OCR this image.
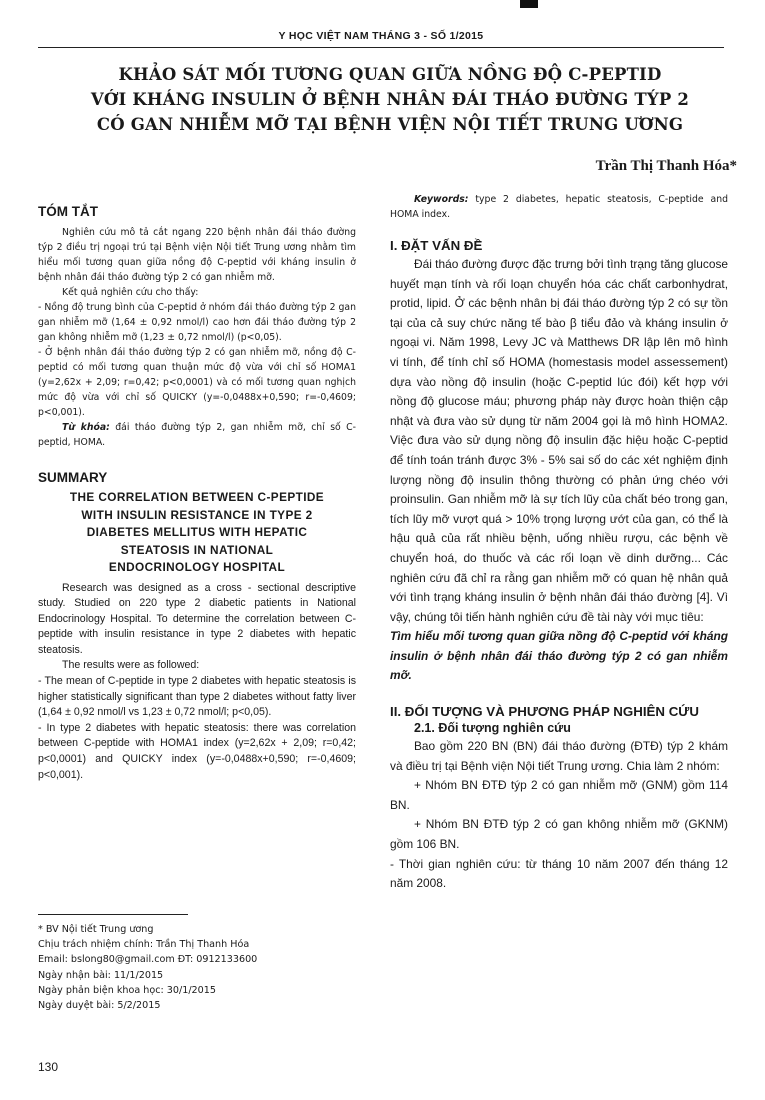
Y HỌC VIỆT NAM THÁNG 3 - SỐ 1/2015
KHẢO SÁT MỐI TƯƠNG QUAN GIỮA NỒNG ĐỘ C-PEPTID
VỚI KHÁNG INSULIN Ở BỆNH NHÂN ĐÁI THÁO ĐƯỜNG TÝP 2
CÓ GAN NHIỄM MỠ TẠI BỆNH VIỆN NỘI TIẾT TRUNG ƯƠNG
Trần Thị Thanh Hóa*
TÓM TẮT

Nghiên cứu mô tả cắt ngang 220 bệnh nhân đái tháo đường týp 2 điều trị ngoại trú tại Bệnh viện Nội tiết Trung ương nhằm tìm hiểu mối tương quan giữa nồng độ C-peptid với kháng insulin ở bệnh nhân đái tháo đường týp 2 có gan nhiễm mỡ.

Kết quả nghiên cứu cho thấy:

- Nồng độ trung bình của C-peptid ở nhóm đái tháo đường týp 2 gan gan nhiễm mỡ (1,64 ± 0,92 nmol/l) cao hơn đái tháo đường týp 2 gan không nhiễm mỡ (1,23 ± 0,72 nmol/l) (p<0,05).

- Ở bệnh nhân đái tháo đường týp 2 có gan nhiễm mỡ, nồng độ C-peptid có mối tương quan thuận mức độ vừa với chỉ số HOMA1 (y=2,62x + 2,09; r=0,42; p<0,0001) và có mối tương quan nghịch mức độ vừa với chỉ số QUICKY (y=-0,0488x+0,590; r=-0,4609; p<0,001).

Từ khóa: đái tháo đường týp 2, gan nhiễm mỡ, chỉ số C-peptid, HOMA.

SUMMARY

THE CORRELATION BETWEEN C-PEPTIDE

WITH INSULIN RESISTANCE IN TYPE 2

DIABETES MELLITUS WITH HEPATIC

STEATOSIS IN NATIONAL

ENDOCRINOLOGY HOSPITAL

Research was designed as a cross - sectional descriptive study. Studied on 220 type 2 diabetic patients in National Endocrinology Hospital. To determine the correlation between C-peptide with insulin resistance in type 2 diabetes with hepatic steatosis.

The results were as followed:

- The mean of C-peptide in type 2 diabetes with hepatic steatosis is higher statistically significant than type 2 diabetes without fatty liver (1,64 ± 0,92 nmol/l vs 1,23 ± 0,72 nmol/l; p<0,05).

- In type 2 diabetes with hepatic steatosis: there was correlation between C-peptide with HOMA1 index (y=2,62x + 2,09; r=0,42; p<0,0001) and QUICKY index (y=-0,0488x+0,590; r=-0,4609; p<0,001).

* BV Nội tiết Trung ương
Chịu trách nhiệm chính: Trần Thị Thanh Hóa
Email: bslong80@gmail.com ĐT: 0912133600
Ngày nhận bài: 11/1/2015
Ngày phản biện khoa học: 30/1/2015
Ngày duyệt bài: 5/2/2015

Keywords: type 2 diabetes, hepatic steatosis, C-peptide and HOMA index.

I. ĐẶT VẤN ĐỀ

Đái tháo đường được đặc trưng bởi tình trạng tăng glucose huyết mạn tính và rối loạn chuyển hóa các chất carbonhydrat, protid, lipid. Ở các bệnh nhân bị đái tháo đường týp 2 có sự tồn tại của cả suy chức năng tế bào β tiểu đảo và kháng insulin ở ngoại vi. Năm 1998, Levy JC và Matthews DR lập lên mô hình vi tính, để tính chỉ số HOMA (homestasis model assessement) dựa vào nồng độ insulin (hoặc C-peptid lúc đói) kết hợp với nồng độ glucose máu; phương pháp này được hoàn thiện cập nhật và đưa vào sử dụng từ năm 2004 gọi là mô hình HOMA2. Việc đưa vào sử dụng nồng độ insulin đặc hiệu hoặc C-peptid để tính toán tránh được 3% - 5% sai số do các xét nghiệm định lượng nồng độ insulin thông thường có phản ứng chéo với proinsulin. Gan nhiễm mỡ là sự tích lũy của chất béo trong gan, tích lũy mỡ vượt quá > 10% trọng lượng ướt của gan, có thể là hậu quả của rất nhiều bệnh, uống nhiều rượu, các bệnh về chuyển hoá, do thuốc và các rối loạn về dinh dưỡng... Các nghiên cứu đã chỉ ra rằng gan nhiễm mỡ có quan hệ nhân quả với tình trạng kháng insulin ở bệnh nhân đái tháo đường [4]. Vì vậy, chúng tôi tiến hành nghiên cứu đề tài này với mục tiêu:

Tìm hiểu mối tương quan giữa nồng độ C-peptid với kháng insulin ở bệnh nhân đái tháo đường týp 2 có gan nhiễm mỡ.

II. ĐỐI TƯỢNG VÀ PHƯƠNG PHÁP NGHIÊN CỨU
2.1. Đối tượng nghiên cứu

Bao gồm 220 BN (BN) đái tháo đường (ĐTĐ) týp 2 khám và điều trị tại Bệnh viện Nội tiết Trung ương. Chia làm 2 nhóm:

+ Nhóm BN ĐTĐ týp 2 có gan nhiễm mỡ (GNM) gồm 114 BN.

+ Nhóm BN ĐTĐ týp 2 có gan không nhiễm mỡ (GKNM) gồm 106 BN.

- Thời gian nghiên cứu: từ tháng 10 năm 2007 đến tháng 12 năm 2008.

130
